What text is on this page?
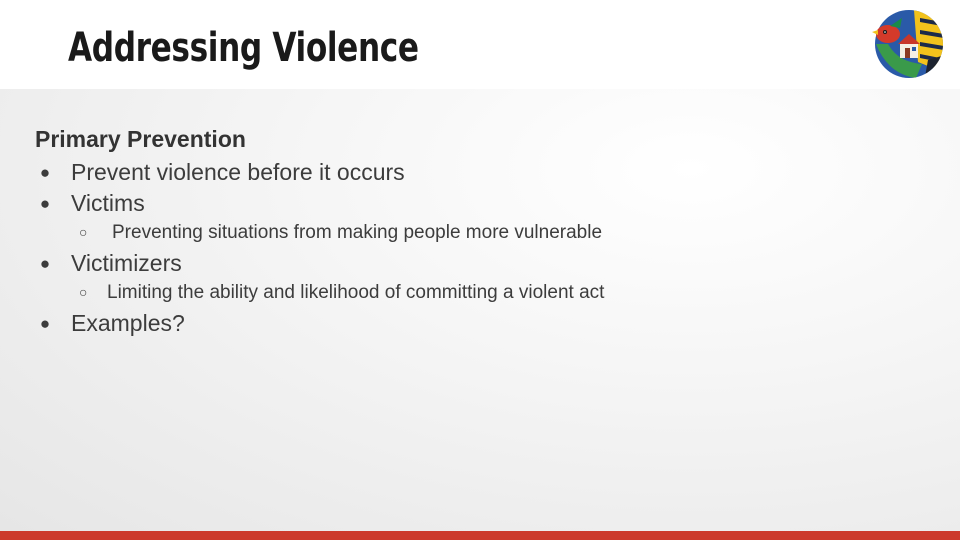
Addressing Violence
Primary Prevention
● Prevent violence before it occurs
● Victims
○ Preventing situations from making people more vulnerable
● Victimizers
○ Limiting the ability and likelihood of committing a violent act
● Examples?
